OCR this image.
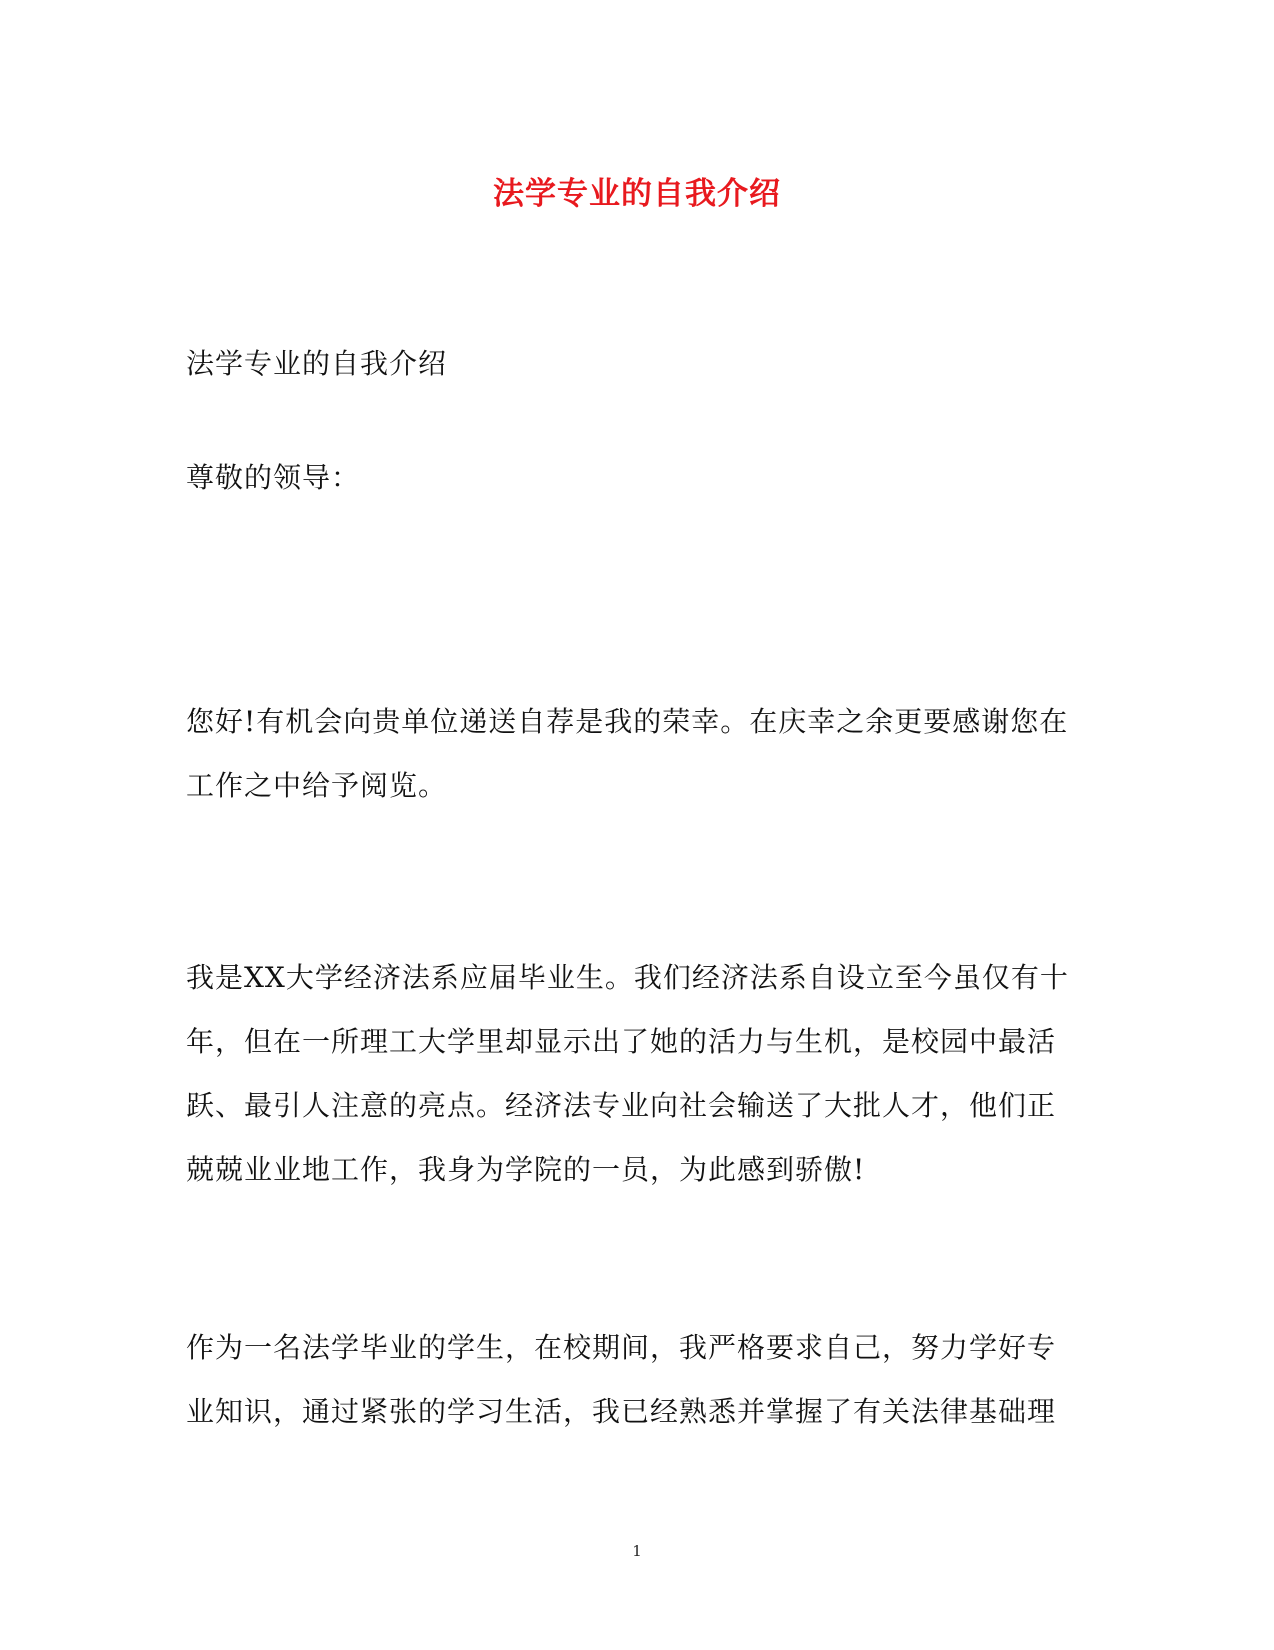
法学专业的自我介绍

法学专业的自我介绍

尊敬的领导：

您好!有机会向贵单位递送自荐是我的荣幸。在庆幸之余更要感谢您在
工作之中给予阅览。

我是XX大学经济法系应届毕业生。我们经济法系自设立至今虽仅有十
年，但在一所理工大学里却显示出了她的活力与生机，是校园中最活
跃、最引人注意的亮点。经济法专业向社会输送了大批人才，他们正
兢兢业业地工作，我身为学院的一员，为此感到骄傲!

作为一名法学毕业的学生，在校期间，我严格要求自己，努力学好专
业知识，通过紧张的学习生活，我已经熟悉并掌握了有关法律基础理

1
